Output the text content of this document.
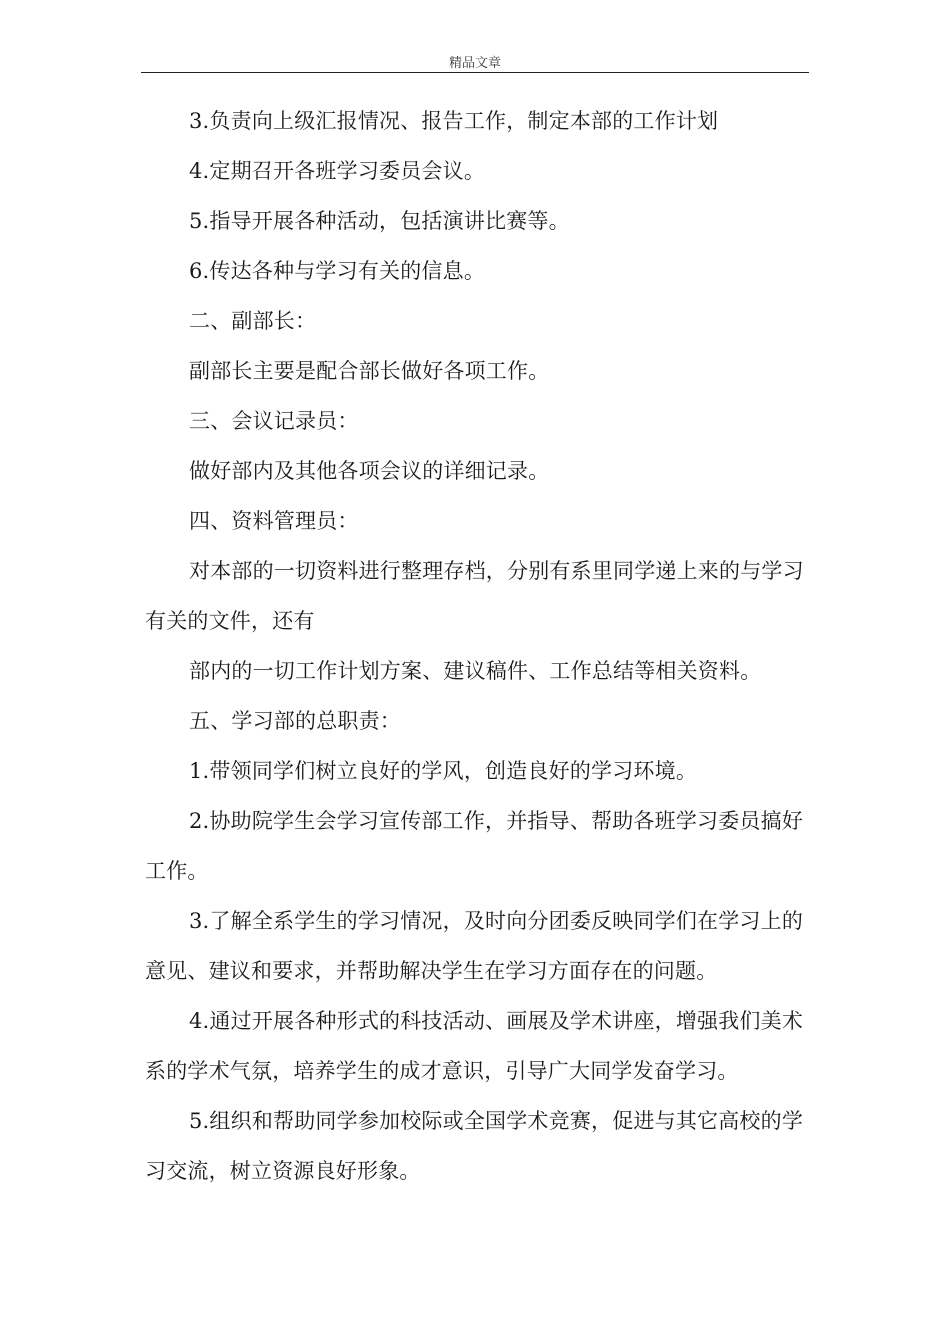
精品文章

3.负责向上级汇报情况、报告工作，制定本部的工作计划

4.定期召开各班学习委员会议。

5.指导开展各种活动，包括演讲比赛等。

6.传达各种与学习有关的信息。

二、副部长：

副部长主要是配合部长做好各项工作。

三、会议记录员：

做好部内及其他各项会议的详细记录。

四、资料管理员：

对本部的一切资料进行整理存档，分别有系里同学递上来的与学习有关的文件，还有

部内的一切工作计划方案、建议稿件、工作总结等相关资料。

五、学习部的总职责：

1.带领同学们树立良好的学风，创造良好的学习环境。

2.协助院学生会学习宣传部工作，并指导、帮助各班学习委员搞好工作。

3.了解全系学生的学习情况，及时向分团委反映同学们在学习上的意见、建议和要求，并帮助解决学生在学习方面存在的问题。

4.通过开展各种形式的科技活动、画展及学术讲座，增强我们美术系的学术气氛，培养学生的成才意识，引导广大同学发奋学习。

5.组织和帮助同学参加校际或全国学术竞赛，促进与其它高校的学习交流，树立资源良好形象。
